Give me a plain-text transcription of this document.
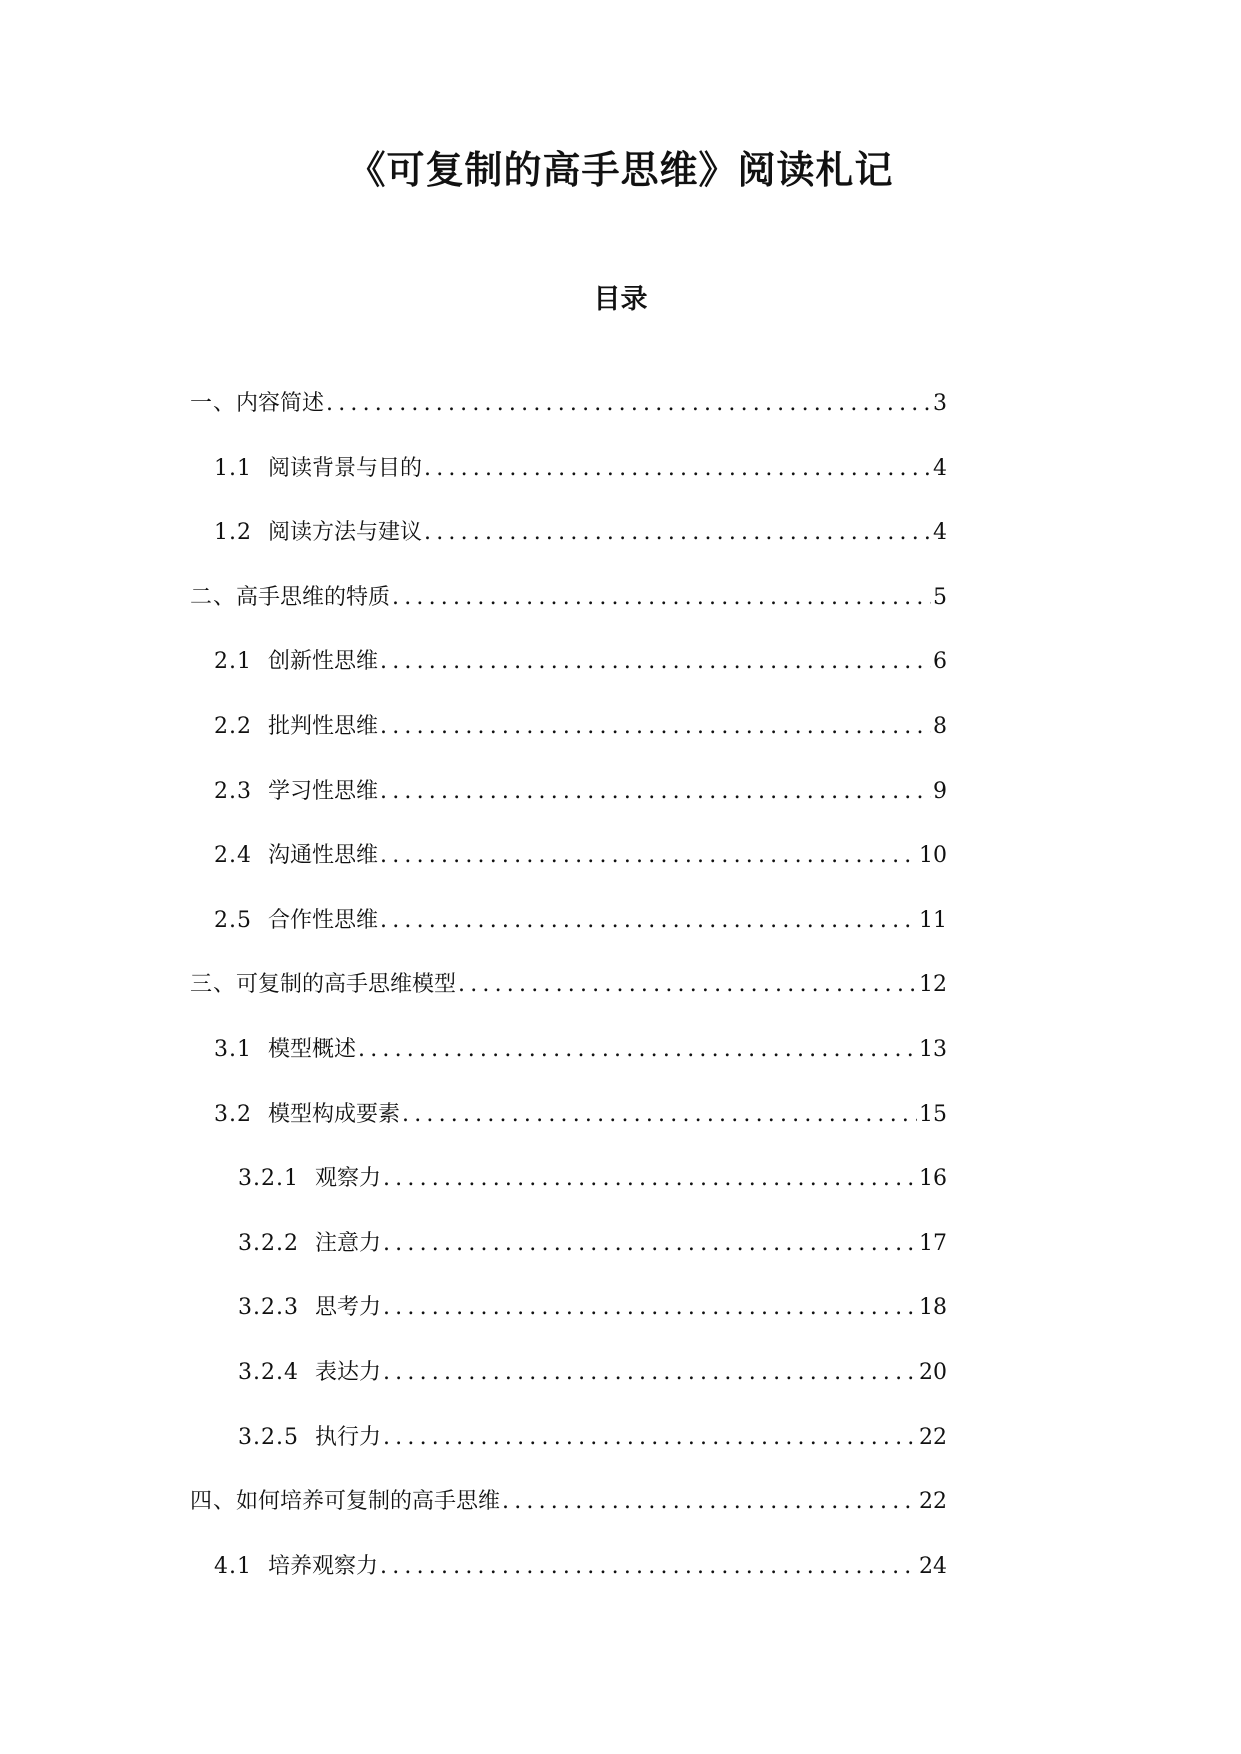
《可复制的高手思维》阅读札记
目录
一、 内容简述 .....	3
1.1 阅读背景与目的 .....	4
1.2 阅读方法与建议 .....	4
二、 高手思维的特质 .....	5
2.1 创新性思维 .....	6
2.2 批判性思维 .....	8
2.3 学习性思维 .....	9
2.4 沟通性思维 .....	10
2.5 合作性思维 .....	11
三、 可复制的高手思维模型 .....	12
3.1 模型概述 .....	13
3.2 模型构成要素 .....	15
3.2.1 观察力 .....	16
3.2.2 注意力 .....	17
3.2.3 思考力 .....	18
3.2.4 表达力 .....	20
3.2.5 执行力 .....	22
四、 如何培养可复制的高手思维 .....	22
4.1 培养观察力 .....	24
